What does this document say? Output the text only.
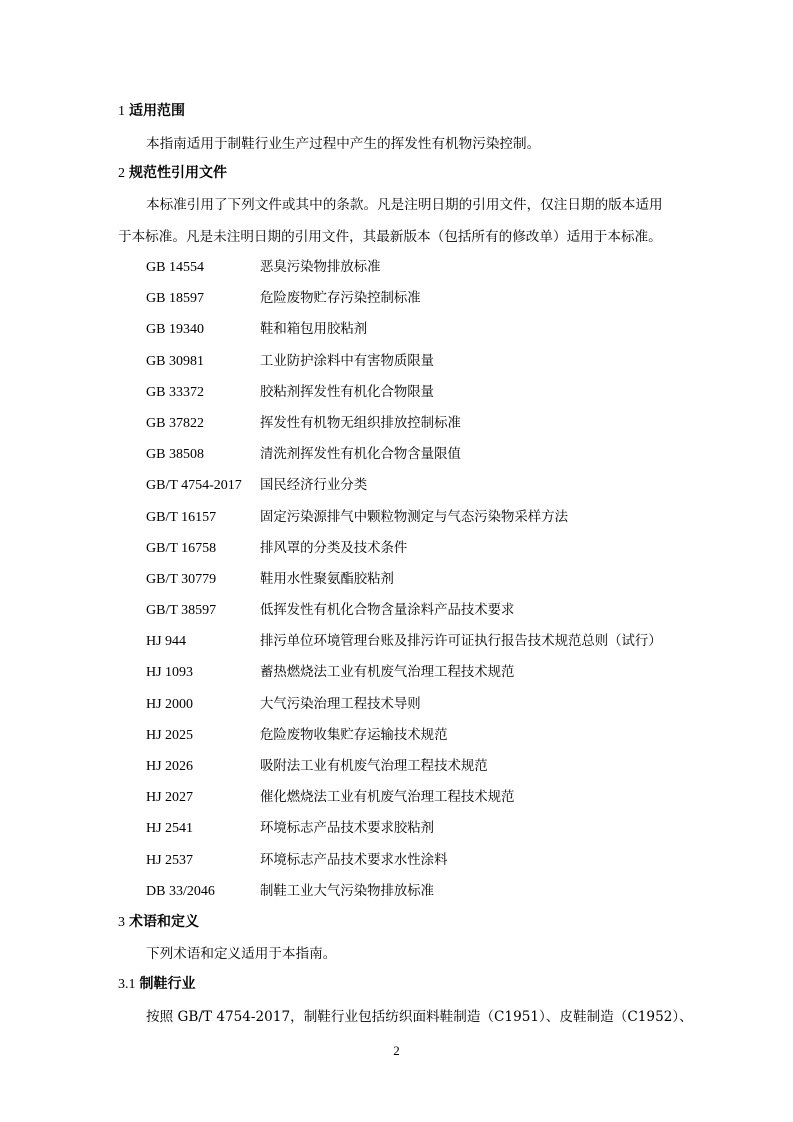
1 适用范围
本指南适用于制鞋行业生产过程中产生的挥发性有机物污染控制。
2 规范性引用文件
本标准引用了下列文件或其中的条款。凡是注明日期的引用文件，仅注日期的版本适用
于本标准。凡是未注明日期的引用文件，其最新版本（包括所有的修改单）适用于本标准。
GB 14554	恶臭污染物排放标准
GB 18597	危险废物贮存污染控制标准
GB 19340	鞋和箱包用胶粘剂
GB 30981	工业防护涂料中有害物质限量
GB 33372	胶粘剂挥发性有机化合物限量
GB 37822	挥发性有机物无组织排放控制标准
GB 38508	清洗剂挥发性有机化合物含量限值
GB/T 4754-2017 国民经济行业分类
GB/T 16157	固定污染源排气中颗粒物测定与气态污染物采样方法
GB/T 16758	排风罩的分类及技术条件
GB/T 30779	鞋用水性聚氨酯胶粘剂
GB/T 38597	低挥发性有机化合物含量涂料产品技术要求
HJ 944	排污单位环境管理台账及排污许可证执行报告技术规范总则（试行）
HJ 1093	蓄热燃烧法工业有机废气治理工程技术规范
HJ 2000	大气污染治理工程技术导则
HJ 2025	危险废物收集贮存运输技术规范
HJ 2026	吸附法工业有机废气治理工程技术规范
HJ 2027	催化燃烧法工业有机废气治理工程技术规范
HJ 2541	环境标志产品技术要求胶粘剂
HJ 2537	环境标志产品技术要求水性涂料
DB 33/2046	制鞋工业大气污染物排放标准
3 术语和定义
下列术语和定义适用于本指南。
3.1 制鞋行业
按照 GB/T 4754-2017，制鞋行业包括纺织面料鞋制造（C1951）、皮鞋制造（C1952）、
2
